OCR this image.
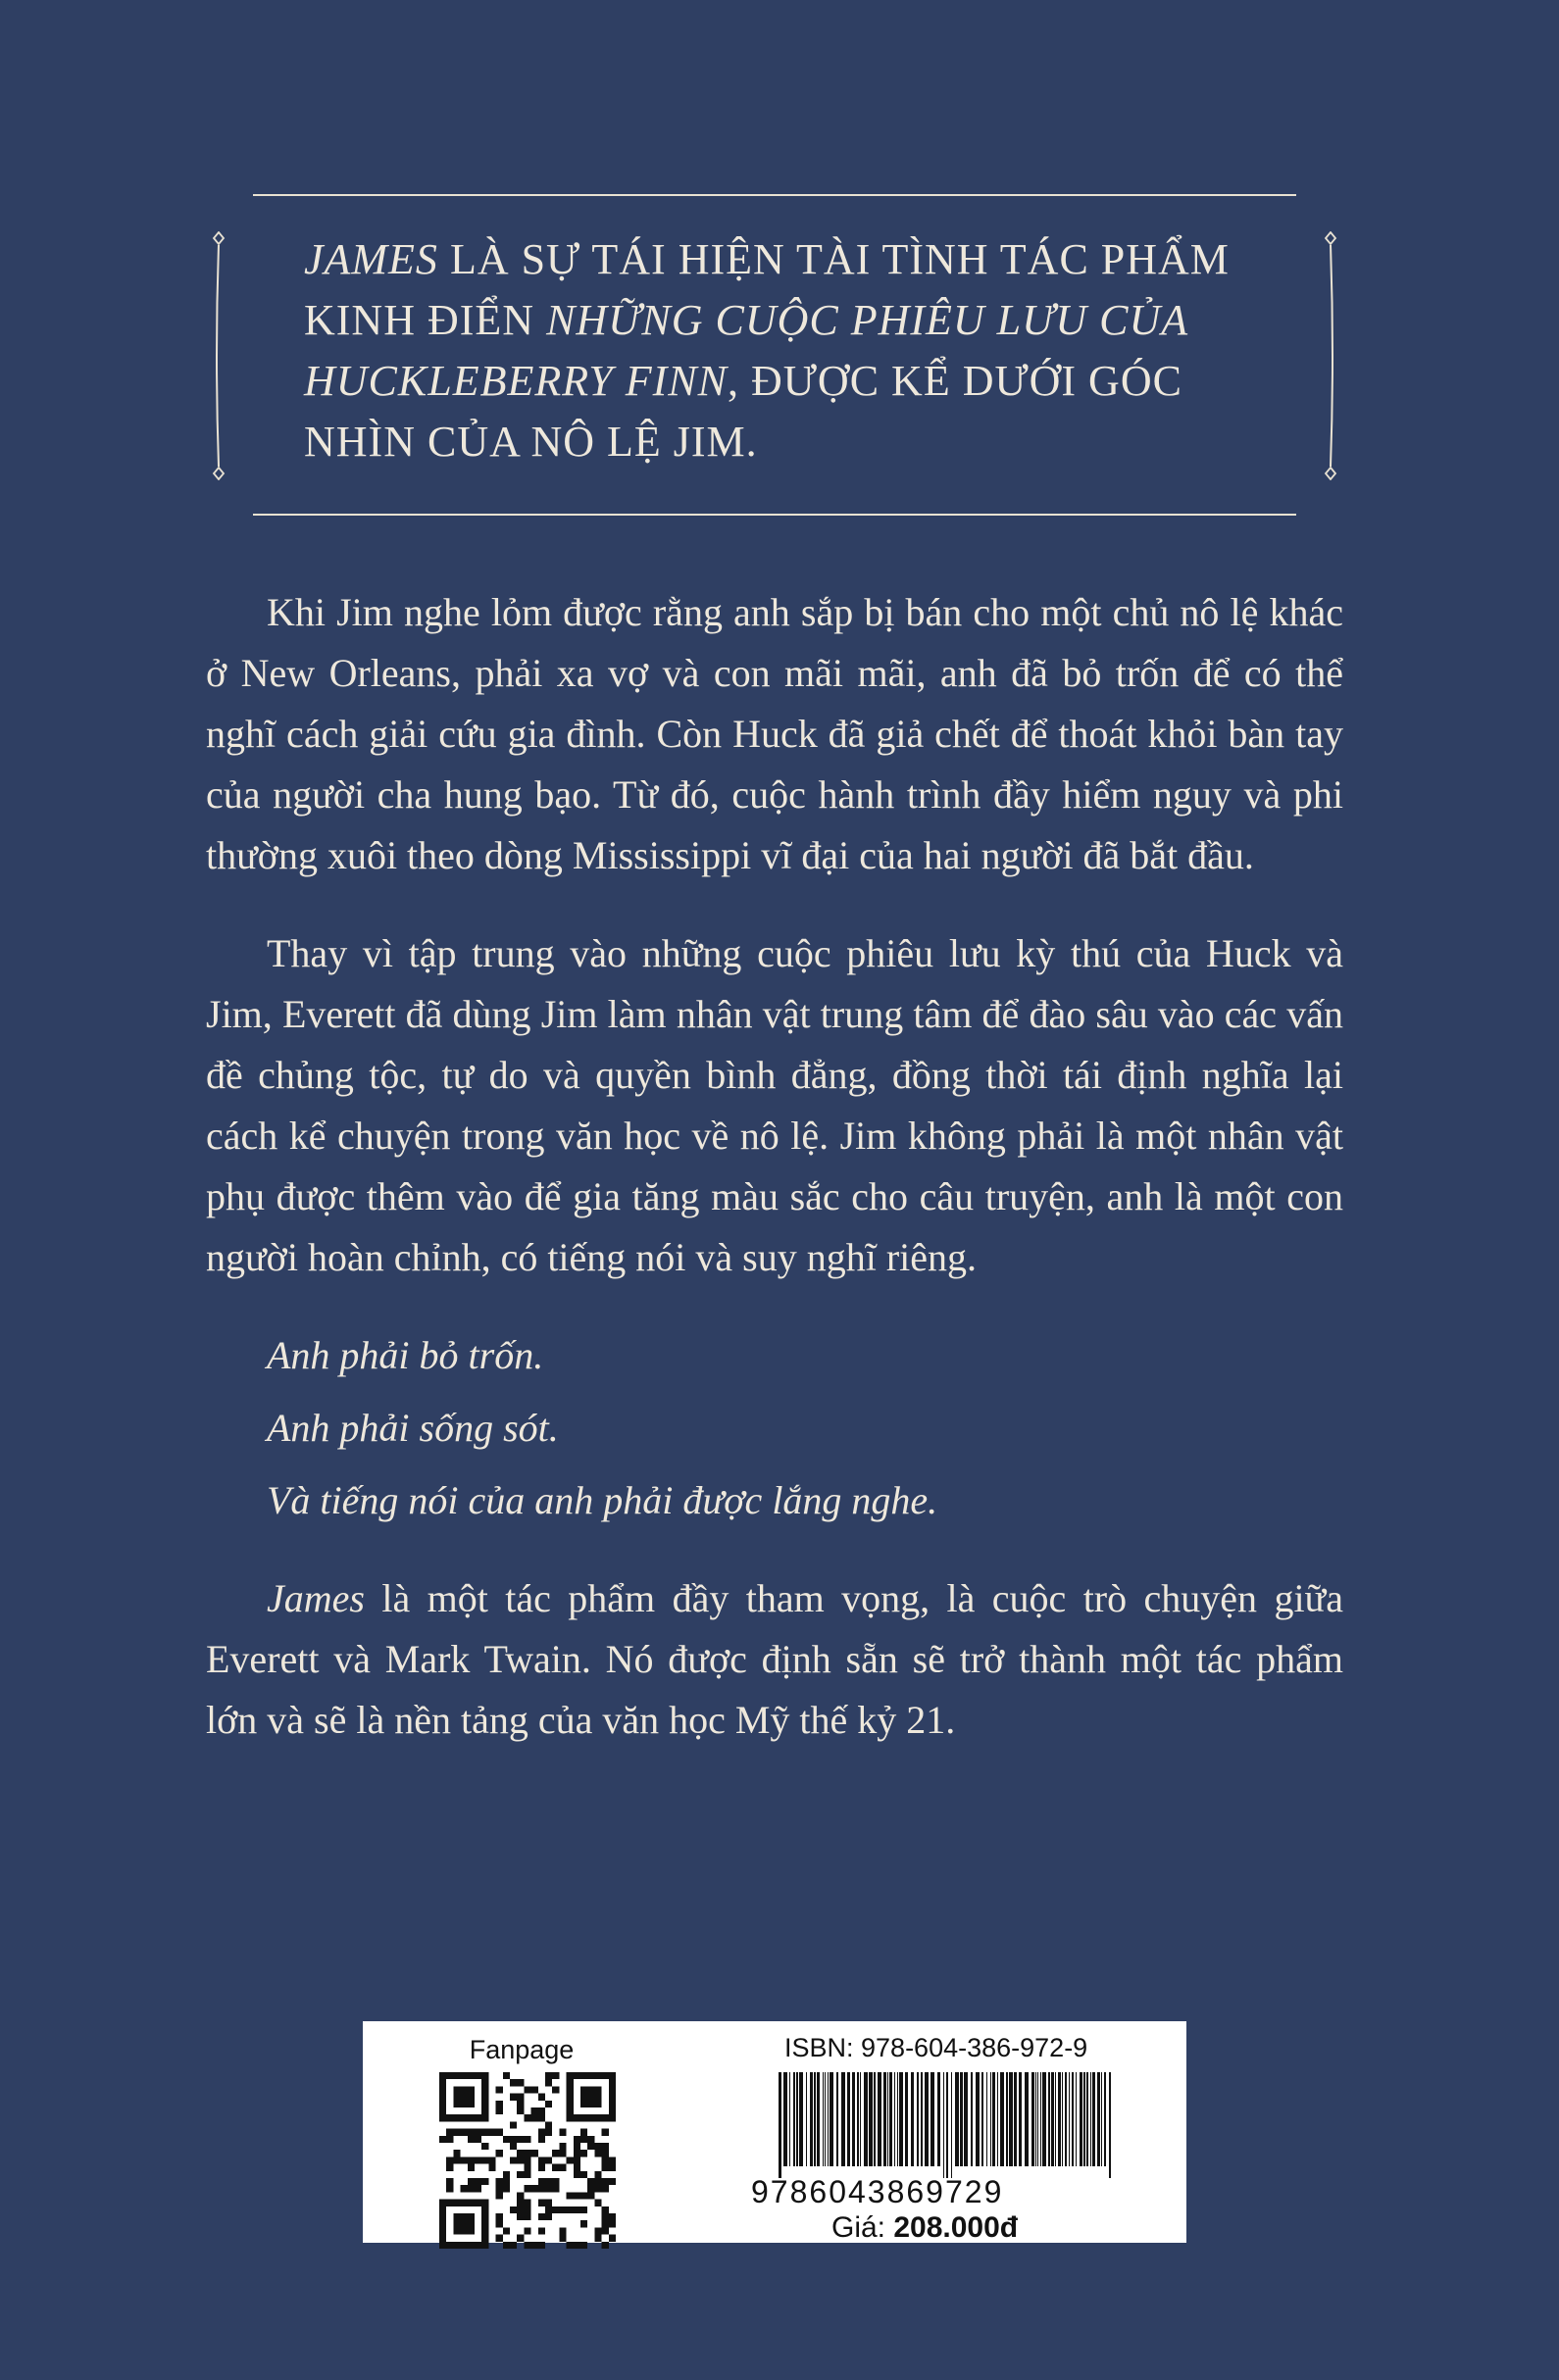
JAMES LÀ SỰ TÁI HIỆN TÀI TÌNH TÁC PHẨM KINH ĐIỂN NHỮNG CUỘC PHIÊU LƯU CỦA HUCKLEBERRY FINN, ĐƯỢC KỂ DƯỚI GÓC NHÌN CỦA NÔ LỆ JIM.

Khi Jim nghe lỏm được rằng anh sắp bị bán cho một chủ nô lệ khác ở New Orleans, phải xa vợ và con mãi mãi, anh đã bỏ trốn để có thể nghĩ cách giải cứu gia đình. Còn Huck đã giả chết để thoát khỏi bàn tay của người cha hung bạo. Từ đó, cuộc hành trình đầy hiểm nguy và phi thường xuôi theo dòng Mississippi vĩ đại của hai người đã bắt đầu.

Thay vì tập trung vào những cuộc phiêu lưu kỳ thú của Huck và Jim, Everett đã dùng Jim làm nhân vật trung tâm để đào sâu vào các vấn đề chủng tộc, tự do và quyền bình đẳng, đồng thời tái định nghĩa lại cách kể chuyện trong văn học về nô lệ. Jim không phải là một nhân vật phụ được thêm vào để gia tăng màu sắc cho câu truyện, anh là một con người hoàn chỉnh, có tiếng nói và suy nghĩ riêng.

Anh phải bỏ trốn.

Anh phải sống sót.

Và tiếng nói của anh phải được lắng nghe.

James là một tác phẩm đầy tham vọng, là cuộc trò chuyện giữa Everett và Mark Twain. Nó được định sẵn sẽ trở thành một tác phẩm lớn và sẽ là nền tảng của văn học Mỹ thế kỷ 21.

Fanpage	ISBN: 978-604-386-972-9
9786043869729
Giá: 208.000đ
